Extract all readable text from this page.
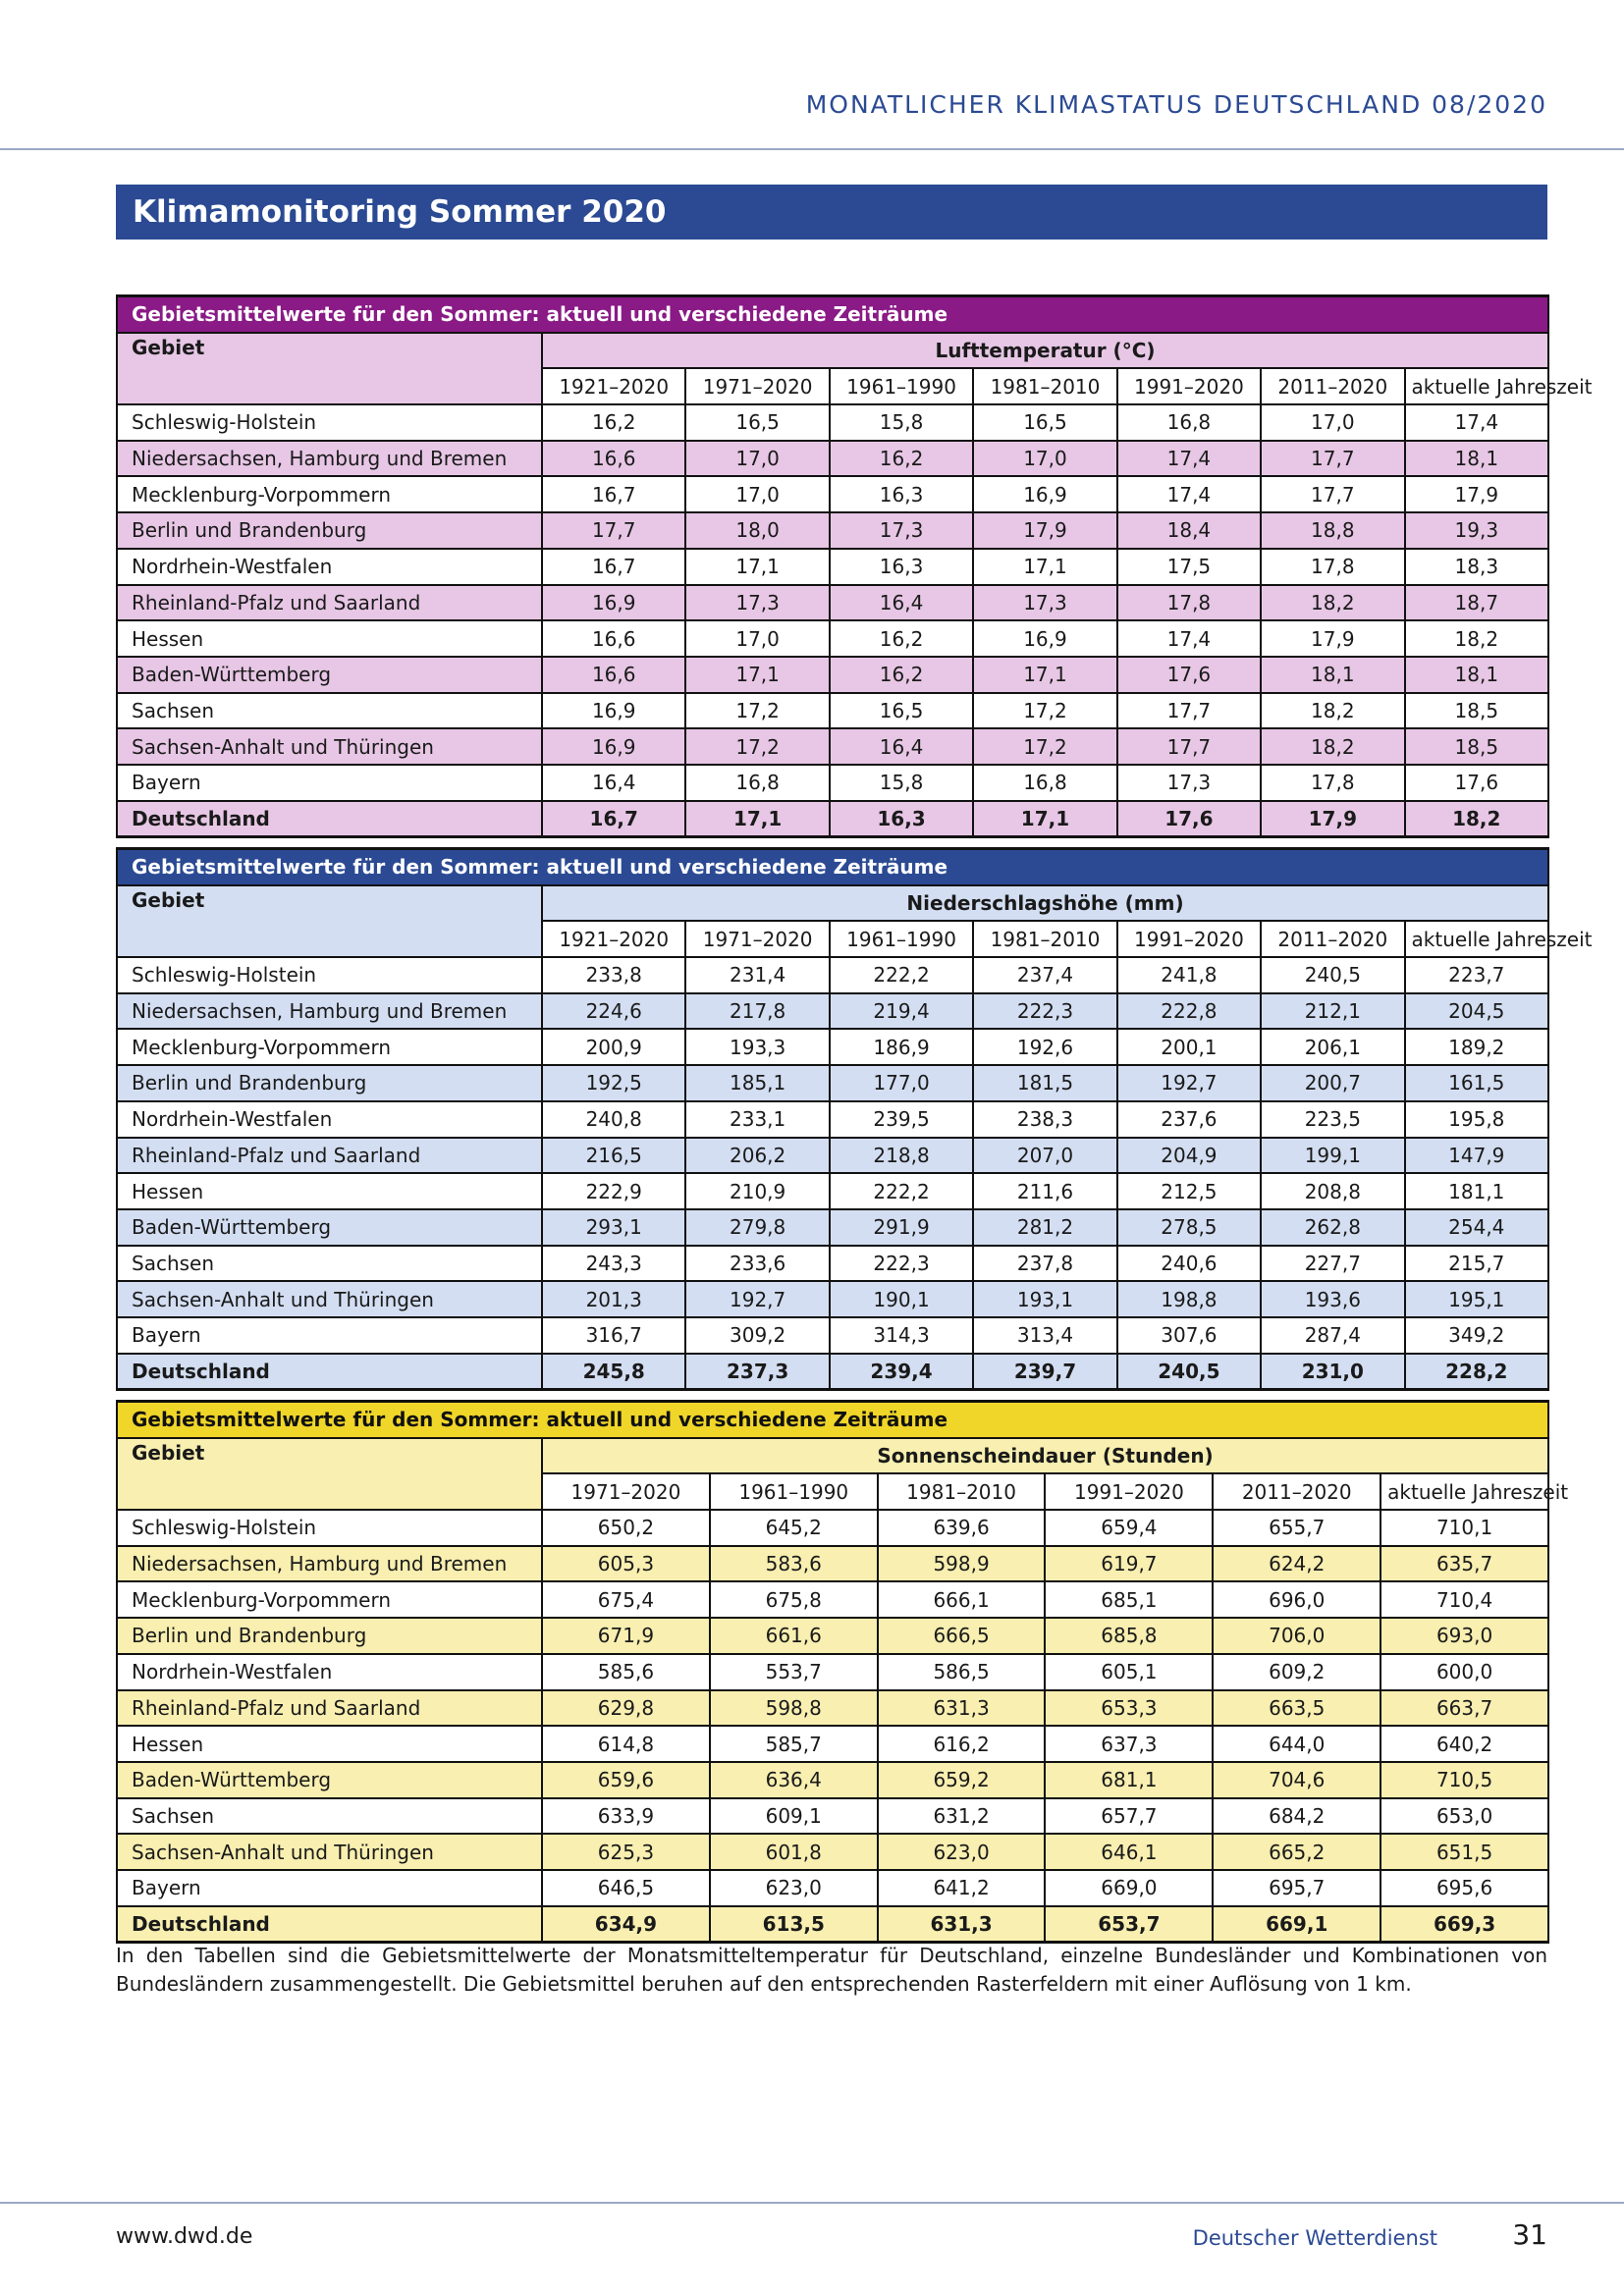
MONATLICHER KLIMASTATUS DEUTSCHLAND 08/2020
Klimamonitoring Sommer 2020
Gebietsmittelwerte für den Sommer: aktuell und verschiedene Zeiträume							
Gebiet	Lufttemperatur (°C)						
	1921–2020	1971–2020	1961–1990	1981–2010	1991–2020	2011–2020	aktuelle Jahreszeit
Schleswig-Holstein	16,2	16,5	15,8	16,5	16,8	17,0	17,4
Niedersachsen, Hamburg und Bremen	16,6	17,0	16,2	17,0	17,4	17,7	18,1
Mecklenburg-Vorpommern	16,7	17,0	16,3	16,9	17,4	17,7	17,9
Berlin und Brandenburg	17,7	18,0	17,3	17,9	18,4	18,8	19,3
Nordrhein-Westfalen	16,7	17,1	16,3	17,1	17,5	17,8	18,3
Rheinland-Pfalz und Saarland	16,9	17,3	16,4	17,3	17,8	18,2	18,7
Hessen	16,6	17,0	16,2	16,9	17,4	17,9	18,2
Baden-Württemberg	16,6	17,1	16,2	17,1	17,6	18,1	18,1
Sachsen	16,9	17,2	16,5	17,2	17,7	18,2	18,5
Sachsen-Anhalt und Thüringen	16,9	17,2	16,4	17,2	17,7	18,2	18,5
Bayern	16,4	16,8	15,8	16,8	17,3	17,8	17,6
Deutschland	16,7	17,1	16,3	17,1	17,6	17,9	18,2
Gebietsmittelwerte für den Sommer: aktuell und verschiedene Zeiträume							
Gebiet	Niederschlagshöhe (mm)						
	1921–2020	1971–2020	1961–1990	1981–2010	1991–2020	2011–2020	aktuelle Jahreszeit
Schleswig-Holstein	233,8	231,4	222,2	237,4	241,8	240,5	223,7
Niedersachsen, Hamburg und Bremen	224,6	217,8	219,4	222,3	222,8	212,1	204,5
Mecklenburg-Vorpommern	200,9	193,3	186,9	192,6	200,1	206,1	189,2
Berlin und Brandenburg	192,5	185,1	177,0	181,5	192,7	200,7	161,5
Nordrhein-Westfalen	240,8	233,1	239,5	238,3	237,6	223,5	195,8
Rheinland-Pfalz und Saarland	216,5	206,2	218,8	207,0	204,9	199,1	147,9
Hessen	222,9	210,9	222,2	211,6	212,5	208,8	181,1
Baden-Württemberg	293,1	279,8	291,9	281,2	278,5	262,8	254,4
Sachsen	243,3	233,6	222,3	237,8	240,6	227,7	215,7
Sachsen-Anhalt und Thüringen	201,3	192,7	190,1	193,1	198,8	193,6	195,1
Bayern	316,7	309,2	314,3	313,4	307,6	287,4	349,2
Deutschland	245,8	237,3	239,4	239,7	240,5	231,0	228,2
Gebietsmittelwerte für den Sommer: aktuell und verschiedene Zeiträume						
Gebiet	Sonnenscheindauer (Stunden)					
	1971–2020	1961–1990	1981–2010	1991–2020	2011–2020	aktuelle Jahreszeit
Schleswig-Holstein	650,2	645,2	639,6	659,4	655,7	710,1
Niedersachsen, Hamburg und Bremen	605,3	583,6	598,9	619,7	624,2	635,7
Mecklenburg-Vorpommern	675,4	675,8	666,1	685,1	696,0	710,4
Berlin und Brandenburg	671,9	661,6	666,5	685,8	706,0	693,0
Nordrhein-Westfalen	585,6	553,7	586,5	605,1	609,2	600,0
Rheinland-Pfalz und Saarland	629,8	598,8	631,3	653,3	663,5	663,7
Hessen	614,8	585,7	616,2	637,3	644,0	640,2
Baden-Württemberg	659,6	636,4	659,2	681,1	704,6	710,5
Sachsen	633,9	609,1	631,2	657,7	684,2	653,0
Sachsen-Anhalt und Thüringen	625,3	601,8	623,0	646,1	665,2	651,5
Bayern	646,5	623,0	641,2	669,0	695,7	695,6
Deutschland	634,9	613,5	631,3	653,7	669,1	669,3
In den Tabellen sind die Gebietsmittelwerte der Monatsmitteltemperatur für Deutschland, einzelne Bundesländer und Kombinationen von Bundesländern zusammengestellt. Die Gebietsmittel beruhen auf den entsprechenden Rasterfeldern mit einer Auflösung von 1 km.
www.dwd.de	Deutscher Wetterdienst	31
